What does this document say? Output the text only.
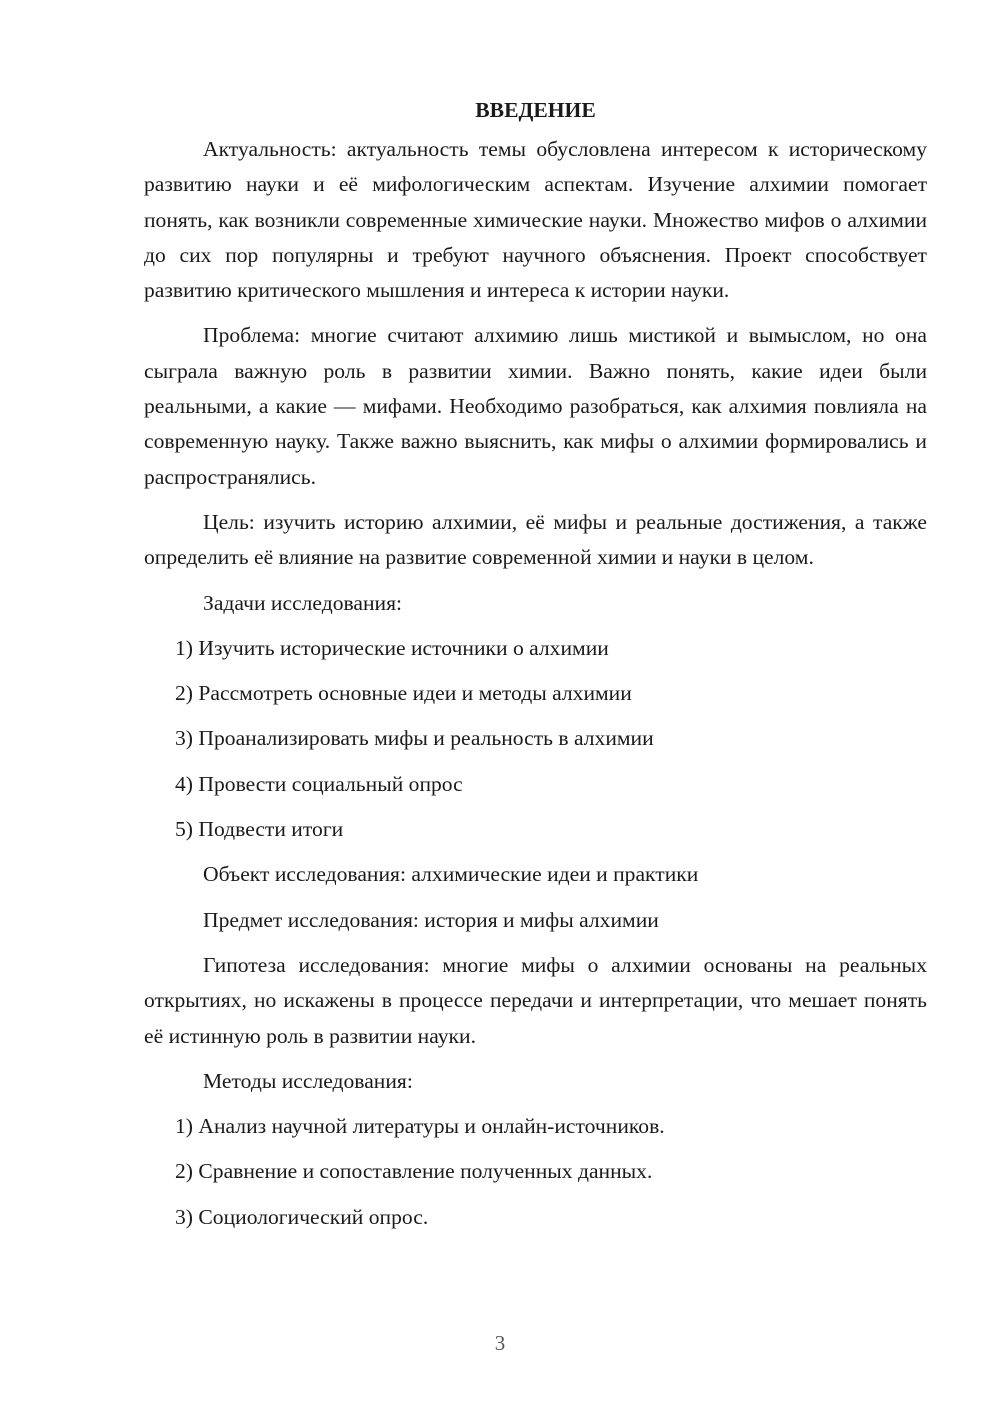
ВВЕДЕНИЕ

Актуальность: актуальность темы обусловлена интересом к историческому развитию науки и её мифологическим аспектам. Изучение алхимии помогает понять, как возникли современные химические науки. Множество мифов о алхимии до сих пор популярны и требуют научного объяснения. Проект способствует развитию критического мышления и интереса к истории науки.

Проблема: многие считают алхимию лишь мистикой и вымыслом, но она сыграла важную роль в развитии химии. Важно понять, какие идеи были реальными, а какие — мифами. Необходимо разобраться, как алхимия повлияла на современную науку. Также важно выяснить, как мифы о алхимии формировались и распространялись.

Цель: изучить историю алхимии, её мифы и реальные достижения, а также определить её влияние на развитие современной химии и науки в целом.

Задачи исследования:

1) Изучить исторические источники о алхимии

2) Рассмотреть основные идеи и методы алхимии

3) Проанализировать мифы и реальность в алхимии

4) Провести социальный опрос

5) Подвести итоги

Объект исследования: алхимические идеи и практики

Предмет исследования: история и мифы алхимии

Гипотеза исследования: многие мифы о алхимии основаны на реальных открытиях, но искажены в процессе передачи и интерпретации, что мешает понять её истинную роль в развитии науки.

Методы исследования:

1) Анализ научной литературы и онлайн-источников.

2) Сравнение и сопоставление полученных данных.

3) Социологический опрос.

3
